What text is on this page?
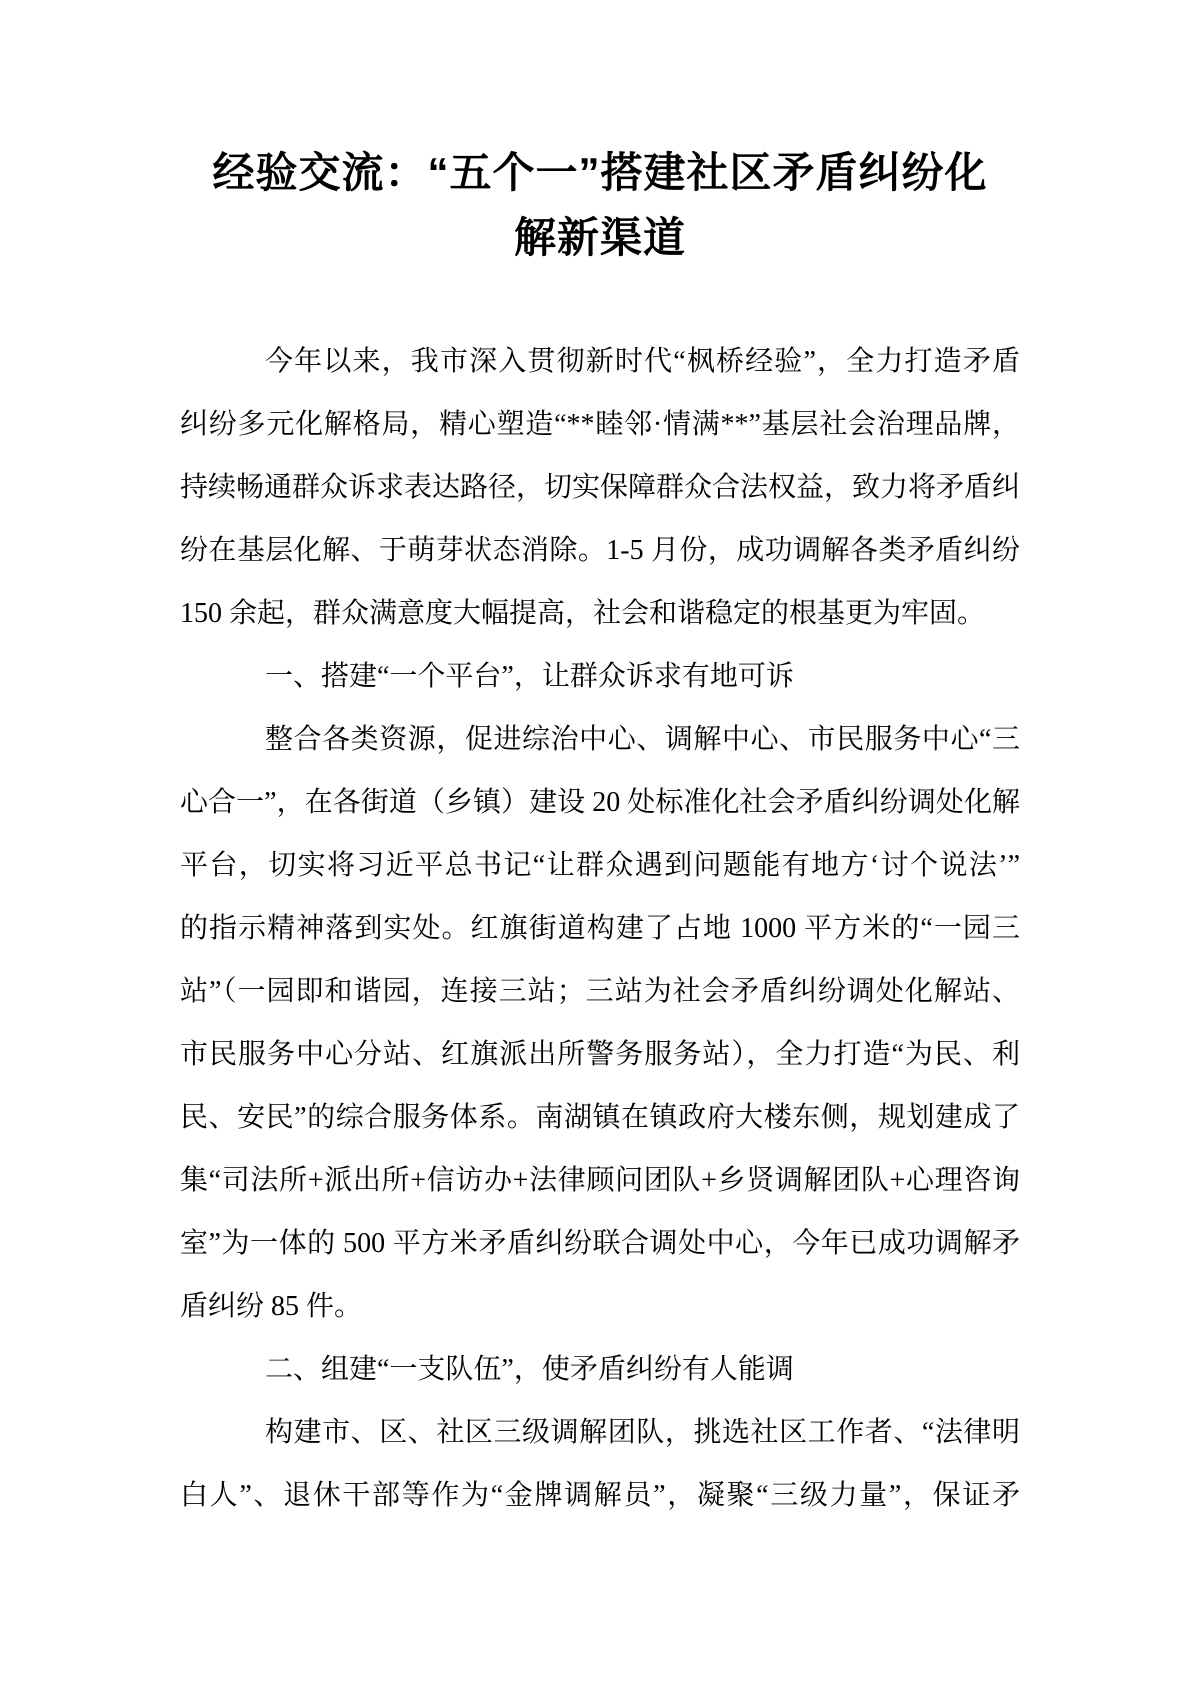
经验交流：“五个一”搭建社区矛盾纠纷化
解新渠道
今年以来，我市深入贯彻新时代“枫桥经验”，全力打造矛盾
纠纷多元化解格局，精心塑造“**睦邻·情满**”基层社会治理品牌，
持续畅通群众诉求表达路径，切实保障群众合法权益，致力将矛盾纠
纷在基层化解、于萌芽状态消除。1-5 月份，成功调解各类矛盾纠纷
150 余起，群众满意度大幅提高，社会和谐稳定的根基更为牢固。
一、搭建“一个平台”，让群众诉求有地可诉
整合各类资源，促进综治中心、调解中心、市民服务中心“三
心合一”，在各街道（乡镇）建设 20 处标准化社会矛盾纠纷调处化解
平台，切实将习近平总书记“让群众遇到问题能有地方‘讨个说法’”
的指示精神落到实处。红旗街道构建了占地 1000 平方米的“一园三
站”（一园即和谐园，连接三站；三站为社会矛盾纠纷调处化解站、
市民服务中心分站、红旗派出所警务服务站），全力打造“为民、利
民、安民”的综合服务体系。南湖镇在镇政府大楼东侧，规划建成了
集“司法所+派出所+信访办+法律顾问团队+乡贤调解团队+心理咨询
室”为一体的 500 平方米矛盾纠纷联合调处中心，今年已成功调解矛
盾纠纷 85 件。
二、组建“一支队伍”，使矛盾纠纷有人能调
构建市、区、社区三级调解团队，挑选社区工作者、“法律明
白人”、退休干部等作为“金牌调解员”，凝聚“三级力量”，保证矛
